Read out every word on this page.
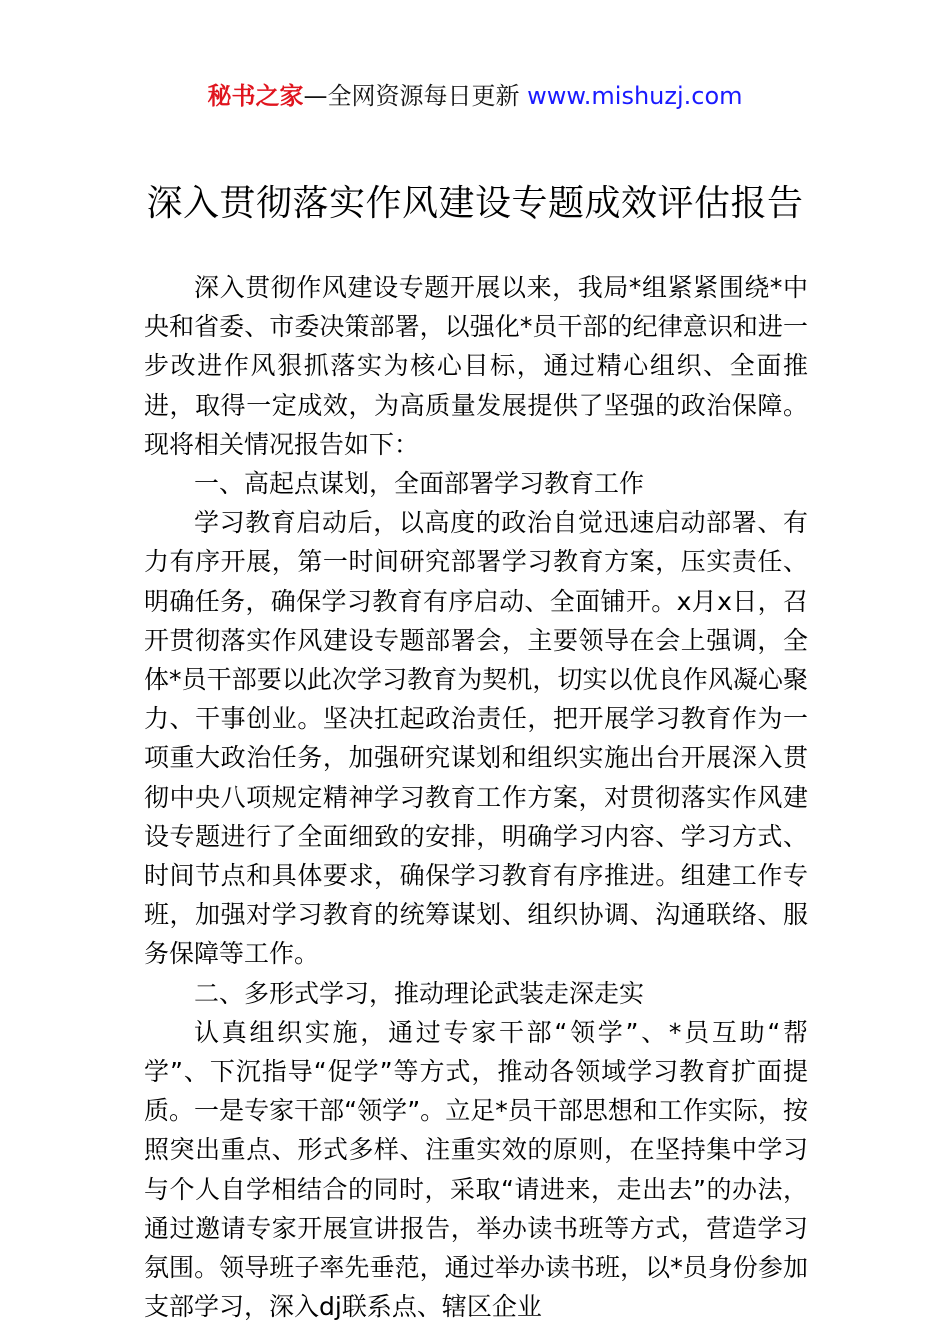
秘书之家—全网资源每日更新 www.mishuzj.com
深入贯彻落实作风建设专题成效评估报告

深入贯彻作风建设专题开展以来，我局*组紧紧围绕*中央和省委、市委决策部署，以强化*员干部的纪律意识和进一步改进作风狠抓落实为核心目标，通过精心组织、全面推进，取得一定成效，为高质量发展提供了坚强的政治保障。现将相关情况报告如下：

一、高起点谋划，全面部署学习教育工作

学习教育启动后，以高度的政治自觉迅速启动部署、有力有序开展，第一时间研究部署学习教育方案，压实责任、明确任务，确保学习教育有序启动、全面铺开。x月x日，召开贯彻落实作风建设专题部署会，主要领导在会上强调，全体*员干部要以此次学习教育为契机，切实以优良作风凝心聚力、干事创业。坚决扛起政治责任，把开展学习教育作为一项重大政治任务，加强研究谋划和组织实施出台开展深入贯彻中央八项规定精神学习教育工作方案，对贯彻落实作风建设专题进行了全面细致的安排，明确学习内容、学习方式、时间节点和具体要求，确保学习教育有序推进。组建工作专班，加强对学习教育的统筹谋划、组织协调、沟通联络、服务保障等工作。

二、多形式学习，推动理论武装走深走实

认真组织实施，通过专家干部“领学”、*员互助“帮学”、下沉指导“促学”等方式，推动各领域学习教育扩面提质。一是专家干部“领学”。立足*员干部思想和工作实际，按照突出重点、形式多样、注重实效的原则，在坚持集中学习与个人自学相结合的同时，采取“请进来，走出去”的办法，通过邀请专家开展宣讲报告，举办读书班等方式，营造学习氛围。领导班子率先垂范，通过举办读书班，以*员身份参加支部学习，深入dj联系点、辖区企业
